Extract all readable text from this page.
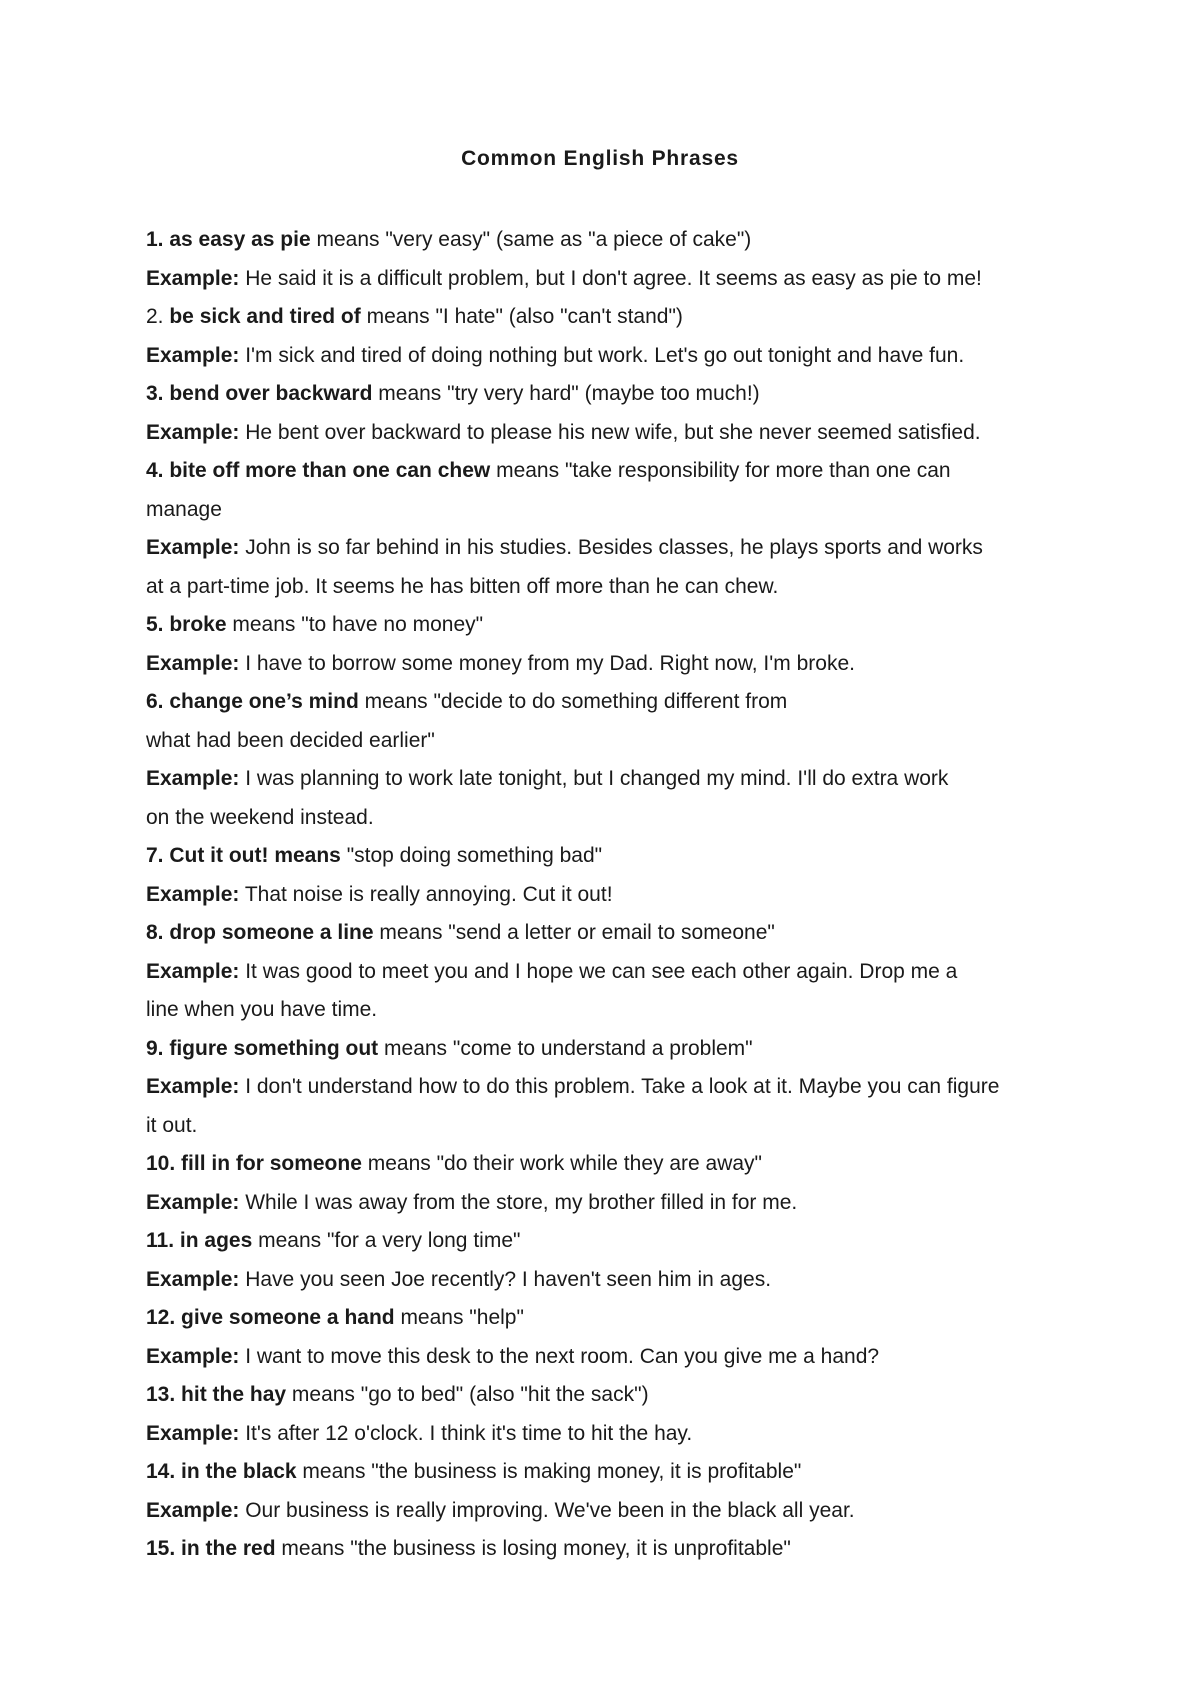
Common English Phrases
1. as easy as pie means "very easy" (same as "a piece of cake")
Example: He said it is a difficult problem, but I don't agree. It seems as easy as pie to me!
2. be sick and tired of means "I hate" (also "can't stand")
Example: I'm sick and tired of doing nothing but work. Let's go out tonight and have fun.
3. bend over backward means "try very hard" (maybe too much!)
Example: He bent over backward to please his new wife, but she never seemed satisfied.
4. bite off more than one can chew means "take responsibility for more than one can
manage
Example: John is so far behind in his studies. Besides classes, he plays sports and works
at a part-time job. It seems he has bitten off more than he can chew.
5. broke means "to have no money"
Example: I have to borrow some money from my Dad. Right now, I'm broke.
6. change one’s mind means "decide to do something different from
what had been decided earlier"
Example: I was planning to work late tonight, but I changed my mind. I'll do extra work
on the weekend instead.
7. Cut it out! means "stop doing something bad"
Example: That noise is really annoying. Cut it out!
8. drop someone a line means "send a letter or email to someone"
Example: It was good to meet you and I hope we can see each other again. Drop me a
line when you have time.
9. figure something out means "come to understand a problem"
Example: I don't understand how to do this problem. Take a look at it. Maybe you can figure
it out.
10. fill in for someone means "do their work while they are away"
Example: While I was away from the store, my brother filled in for me.
11. in ages means "for a very long time"
Example: Have you seen Joe recently? I haven't seen him in ages.
12. give someone a hand means "help"
Example: I want to move this desk to the next room. Can you give me a hand?
13. hit the hay means "go to bed" (also "hit the sack")
Example: It's after 12 o'clock. I think it's time to hit the hay.
14. in the black means "the business is making money, it is profitable"
Example: Our business is really improving. We've been in the black all year.
15. in the red means "the business is losing money, it is unprofitable"
